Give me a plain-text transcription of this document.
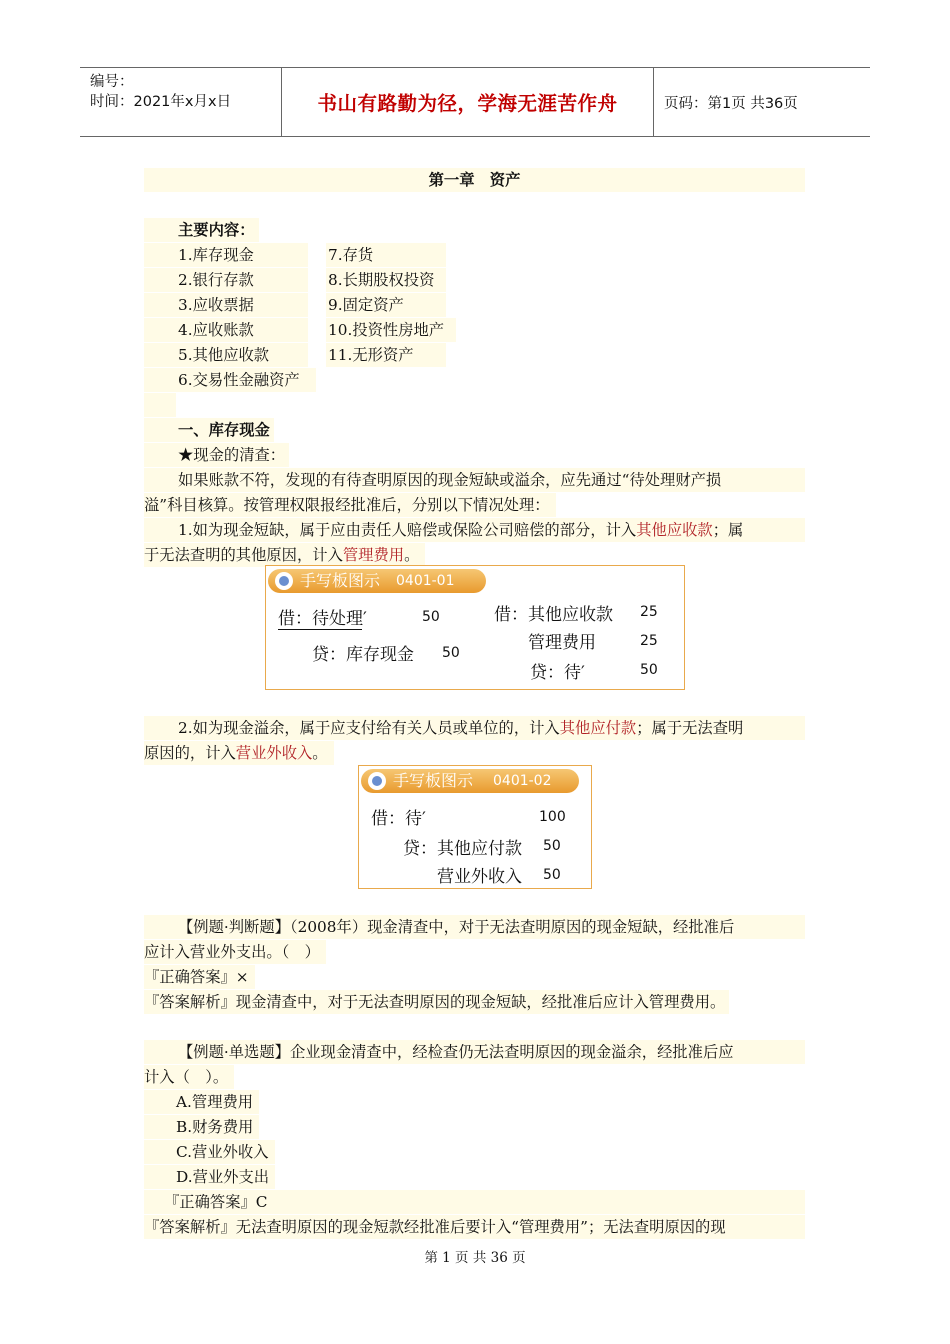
编号：
时间：2021年x月x日	书山有路勤为径，学海无涯苦作舟	页码：第1页 共36页
第一章　资产
主要内容：
1.库存现金	7.存货
2.银行存款	8.长期股权投资
3.应收票据	9.固定资产
4.应收账款	10.投资性房地产
5.其他应收款	11.无形资产
6.交易性金融资产
一、库存现金
★现金的清查：
如果账款不符，发现的有待查明原因的现金短缺或溢余，应先通过“待处理财产损
溢”科目核算。按管理权限报经批准后，分别以下情况处理：
1.如为现金短缺，属于应由责任人赔偿或保险公司赔偿的部分，计入其他应收款；属
于无法查明的其他原因，计入管理费用。
手写板图示 0401-01
借：待处理′	50
贷：库存现金 50
借：其他应收款 25
管理费用	25
贷：待′	50
2.如为现金溢余，属于应支付给有关人员或单位的，计入其他应付款；属于无法查明
原因的，计入营业外收入。
手写板图示 0401-02
借：待′	100
贷：其他应付款 50
营业外收入 50
【例题·判断题】（2008年）现金清查中，对于无法查明原因的现金短缺，经批准后
应计入营业外支出。（　）
『正确答案』×
『答案解析』现金清查中，对于无法查明原因的现金短缺，经批准后应计入管理费用。
【例题·单选题】企业现金清查中，经检查仍无法查明原因的现金溢余，经批准后应
计入（　）。
A.管理费用
B.财务费用
C.营业外收入
D.营业外支出
『正确答案』C
『答案解析』无法查明原因的现金短款经批准后要计入“管理费用”；无法查明原因的现
第 1 页 共 36 页
